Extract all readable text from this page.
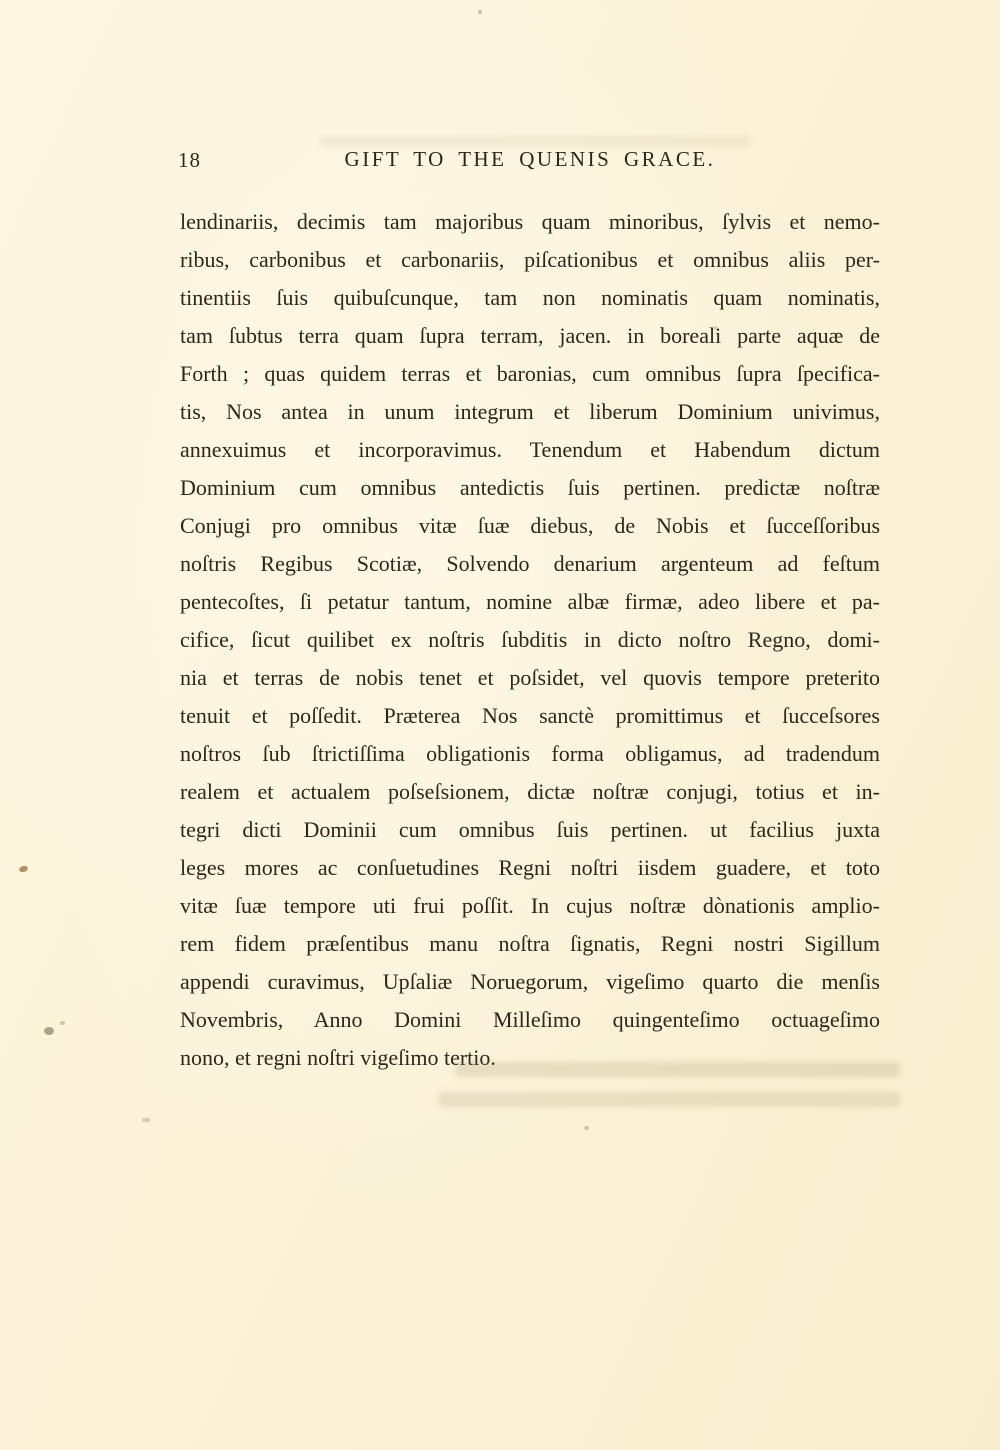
18	GIFT TO THE QUENIS GRACE.
lendinariis, decimis tam majoribus quam minoribus, ſylvis et nemo-
ribus, carbonibus et carbonariis, piſcationibus et omnibus aliis per-
tinentiis ſuis quibuſcunque, tam non nominatis quam nominatis,
tam ſubtus terra quam ſupra terram, jacen. in boreali parte aquæ de
Forth ; quas quidem terras et baronias, cum omnibus ſupra ſpecifica-
tis, Nos antea in unum integrum et liberum Dominium univimus,
annexuimus et incorporavimus. Tenendum et Habendum dictum
Dominium cum omnibus antedictis ſuis pertinen. predictæ noſtræ
Conjugi pro omnibus vitæ ſuæ diebus, de Nobis et ſucceſſoribus
noſtris Regibus Scotiæ, Solvendo denarium argenteum ad feſtum
pentecoſtes, ſi petatur tantum, nomine albæ firmæ, adeo libere et pa-
cifice, ſicut quilibet ex noſtris ſubditis in dicto noſtro Regno, domi-
nia et terras de nobis tenet et poſsidet, vel quovis tempore preterito
tenuit et poſſedit. Præterea Nos sanctè promittimus et ſucceſsores
noſtros ſub ſtrictiſſima obligationis forma obligamus, ad tradendum
realem et actualem poſseſsionem, dictæ noſtræ conjugi, totius et in-
tegri dicti Dominii cum omnibus ſuis pertinen. ut facilius juxta
leges mores ac conſuetudines Regni noſtri iisdem guadere, et toto
vitæ ſuæ tempore uti frui poſſit. In cujus noſtræ dònationis amplio-
rem fidem præſentibus manu noſtra ſignatis, Regni nostri Sigillum
appendi curavimus, Upſaliæ Noruegorum, vigeſimo quarto die menſis
Novembris, Anno Domini Milleſimo quingenteſimo octuageſimo
nono, et regni noſtri vigeſimo tertio.
